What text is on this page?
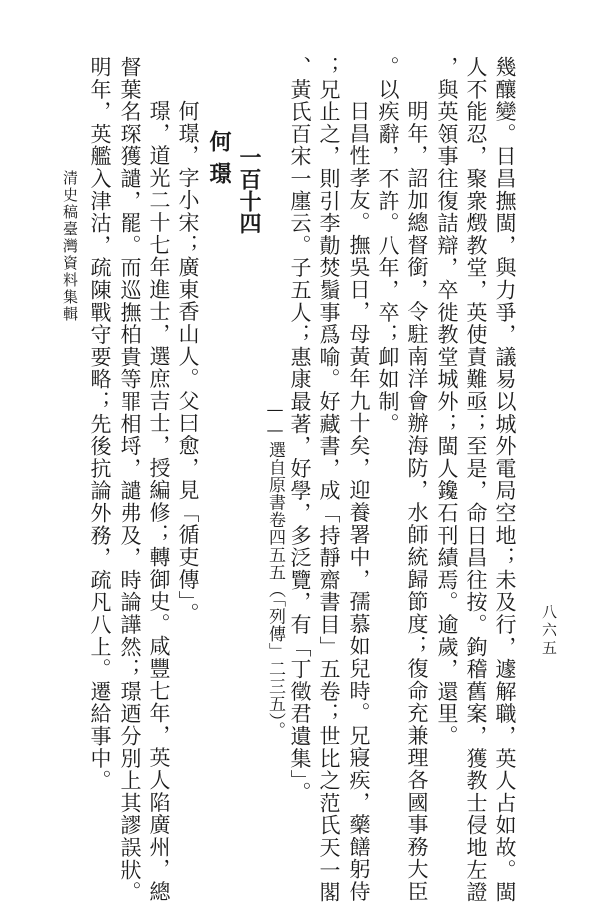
幾釀變。日昌撫閩，與力爭，議易以城外電局空地；未及行，遽解職，英人占如故。閩
人不能忍，聚衆燬教堂，英使責難亟；至是，命日昌往按。鉤稽舊案，獲教士侵地左證
，與英領事往復詰辯，卒徙教堂城外；閩人鑱石刊績焉。逾歲，還里。
明年，詔加總督銜，令駐南洋會辦海防，水師統歸節度；復命充兼理各國事務大臣
。以疾辭，不許。八年，卒；卹如制。
日昌性孝友。撫吳日，母黃年九十矣，迎養署中，孺慕如兒時。兄寢疾，藥饍躬侍
；兄止之，則引李勣焚鬚事爲喻。好藏書，成「持靜齋書目」五卷；世比之范氏天一閣
、黃氏百宋一廛云。子五人；惠康最著，好學，多泛覽，有「丁徵君遺集」。
——選自原書卷四五五（「列傳」二三五）。
一百十四
何璟
何璟，字小宋；廣東香山人。父曰愈，見「循吏傳」。
璟，道光二十七年進士，選庶吉士，授編修；轉御史。咸豐七年，英人陷廣州，總
督葉名琛獲譴，罷。而巡撫柏貴等罪相埒，譴弗及，時論譁然；璟迺分別上其謬誤狀。
明年，英艦入津沽，疏陳戰守要略；先後抗論外務，疏凡八上。遷給事中。
清史稿臺灣資料集輯
八六五
